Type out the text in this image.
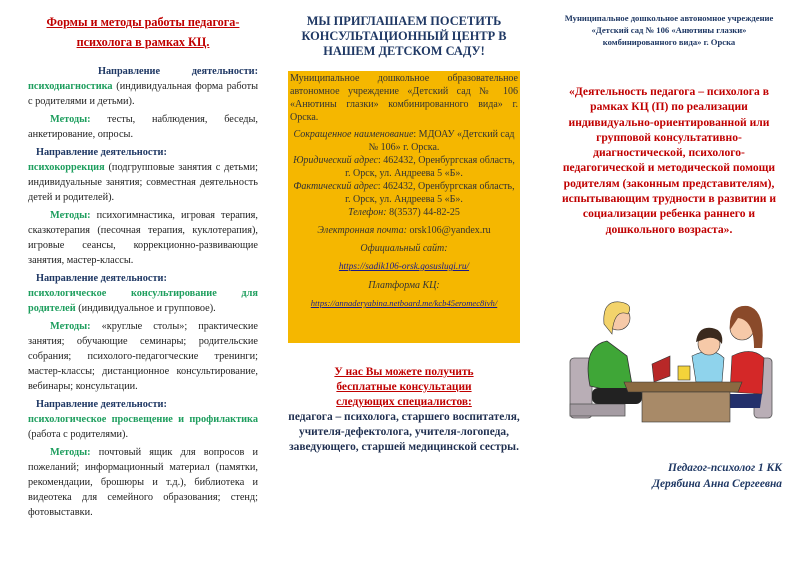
Формы и методы работы педагога-психолога в рамках КЦ.

Направление деятельности: психодиагностика (индивидуальная форма работы с родителями и детьми).

Методы: тесты, наблюдения, беседы, анкетирование, опросы.

Направление деятельности:
психокоррекция (подгрупповые занятия с детьми; индивидуальные занятия; совместная деятельность детей и родителей).

Методы: психогимнастика, игровая терапия, сказкотерапия (песочная терапия, куклотерапия), игровые сеансы, коррекционно-развивающие занятия, мастер-классы.

Направление деятельности:
психологическое консультирование для родителей (индивидуальное и групповое).

Методы: «круглые столы»; практические занятия; обучающие семинары; родительские собрания; психолого-педагогческие тренинги; мастер-классы; дистанционное консультирование, вебинары; консультации.

Направление деятельности:
психологическое просвещение и профилактика (работа с родителями).

Методы: почтовый ящик для вопросов и пожеланий; информационный материал (памятки, рекомендации, брошюры и т.д.), библиотека и видеотека для семейного образования; стенд; фотовыставки.

МЫ ПРИГЛАШАЕМ ПОСЕТИТЬ КОНСУЛЬТАЦИОННЫЙ ЦЕНТР В НАШЕМ ДЕТСКОМ САДУ!
Муниципальное дошкольное образовательное автономное учреждение «Детский сад № 106 «Анютины глазки» комбинированного вида» г. Орска.
Сокращенное наименование: МДОАУ «Детский сад № 106» г. Орска.
Юридический адрес: 462432, Оренбургская область, г. Орск, ул. Андреева 5 «Б».
Фактический адрес: 462432, Оренбургская область, г. Орск, ул. Андреева 5 «Б».
Телефон: 8(3537) 44-82-25
Электронная почта: orsk106@yandex.ru
Официальный сайт:
https://sadik106-orsk.gosuslugi.ru/
Платформа КЦ:
https://annaderyabina.netboard.me/kcb45eromec8ivh/
У нас Вы можете получить бесплатные консультации следующих специалистов:
педагога – психолога, старшего воспитателя, учителя-дефектолога, учителя-логопеда, заведующего, старшей медицинской сестры.
Муниципальное дошкольное автономное учреждение «Детский сад № 106 «Анютины глазки» комбинированного вида» г. Орска
«Деятельность педагога – психолога в рамках КЦ (П) по реализации индивидуально-ориентированной или групповой консультативно-диагностической, психолого-педагогической и методической помощи родителям (законным представителям), испытывающим трудности в развитии и социализации ребенка раннего и дошкольного возраста».
Педагог-психолог 1 КК
Дерябина Анна Сергеевна
